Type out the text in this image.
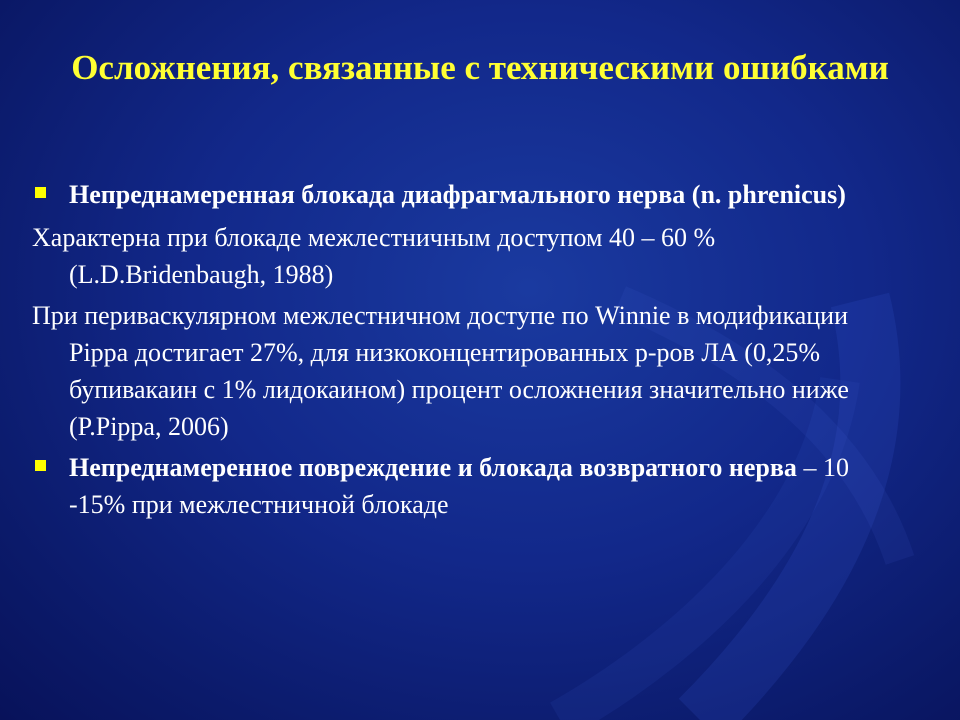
Осложнения, связанные с техническими ошибками
Непреднамеренная блокада диафрагмального нерва (n. phrenicus)
Характерна при блокаде межлестничным доступом 40 – 60 % (L.D.Bridenbaugh, 1988)
При периваскулярном межлестничном доступе по Winnie в модификации Pippa достигает 27%, для низкоконцентированных р-ров ЛА (0,25% бупивакаин с 1% лидокаином) процент осложнения значительно ниже (P.Pippa, 2006)
Непреднамеренное повреждение и блокада возвратного нерва – 10 -15% при межлестничной блокаде
